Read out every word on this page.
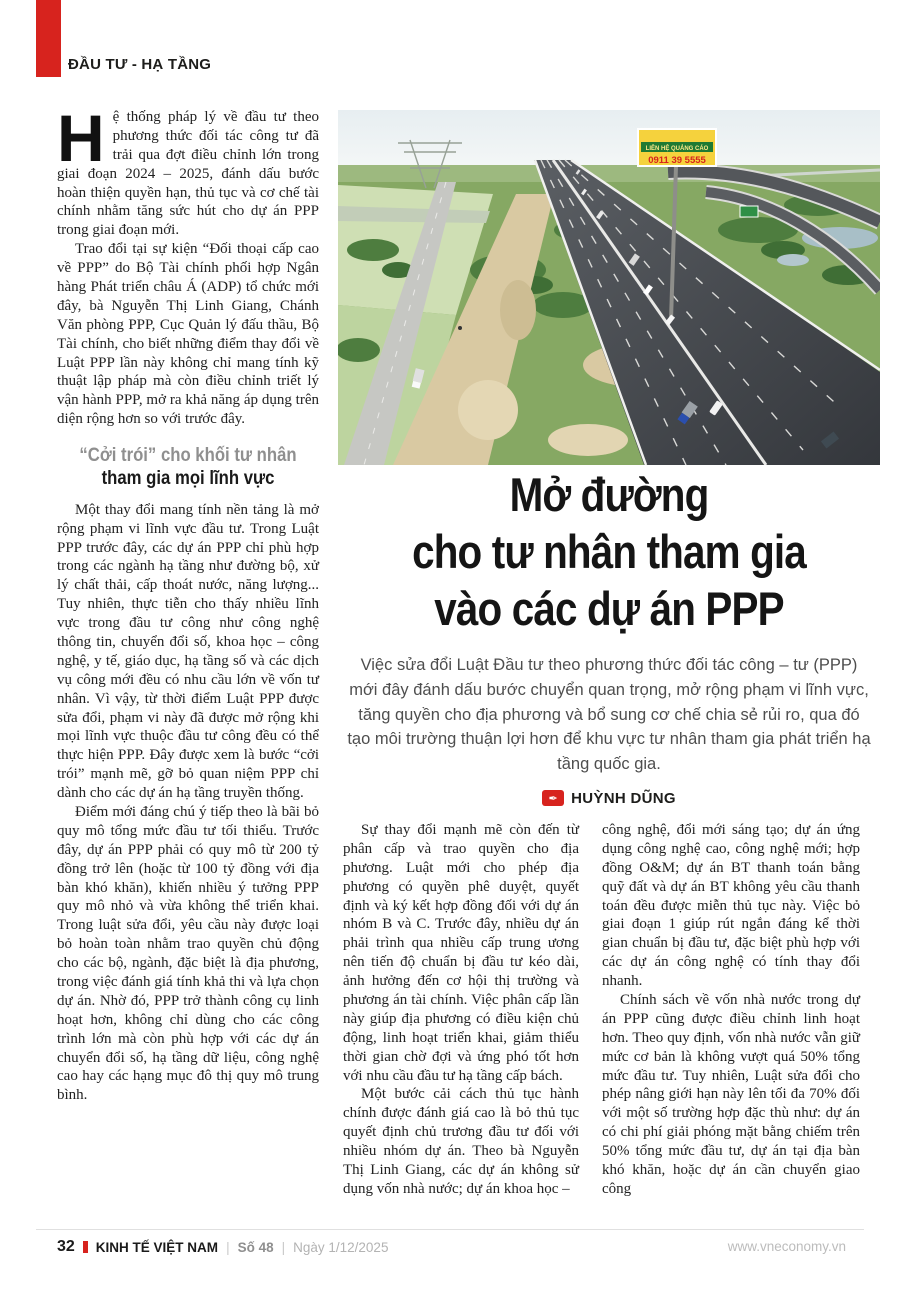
ĐẦU TƯ - HẠ TẦNG

Hệ thống pháp lý về đầu tư theo phương thức đối tác công tư đã trải qua đợt điều chỉnh lớn trong giai đoạn 2024 – 2025, đánh dấu bước hoàn thiện quyền hạn, thủ tục và cơ chế tài chính nhằm tăng sức hút cho dự án PPP trong giai đoạn mới.

Trao đổi tại sự kiện “Đối thoại cấp cao về PPP” do Bộ Tài chính phối hợp Ngân hàng Phát triển châu Á (ADP) tổ chức mới đây, bà Nguyễn Thị Linh Giang, Chánh Văn phòng PPP, Cục Quản lý đấu thầu, Bộ Tài chính, cho biết những điểm thay đổi về Luật PPP lần này không chỉ mang tính kỹ thuật lập pháp mà còn điều chỉnh triết lý vận hành PPP, mở ra khả năng áp dụng trên diện rộng hơn so với trước đây.

“Cởi trói” cho khối tư nhân
tham gia mọi lĩnh vực

Một thay đổi mang tính nền tảng là mở rộng phạm vi lĩnh vực đầu tư. Trong Luật PPP trước đây, các dự án PPP chỉ phù hợp trong các ngành hạ tầng như đường bộ, xử lý chất thải, cấp thoát nước, năng lượng... Tuy nhiên, thực tiễn cho thấy nhiều lĩnh vực trong đầu tư công như công nghệ thông tin, chuyển đổi số, khoa học – công nghệ, y tế, giáo dục, hạ tầng số và các dịch vụ công mới đều có nhu cầu lớn về vốn tư nhân. Vì vậy, từ thời điểm Luật PPP được sửa đổi, phạm vi này đã được mở rộng khi mọi lĩnh vực thuộc đầu tư công đều có thể thực hiện PPP. Đây được xem là bước “cởi trói” mạnh mẽ, gỡ bỏ quan niệm PPP chỉ dành cho các dự án hạ tầng truyền thống.

Điểm mới đáng chú ý tiếp theo là bãi bỏ quy mô tổng mức đầu tư tối thiểu. Trước đây, dự án PPP phải có quy mô từ 200 tỷ đồng trở lên (hoặc từ 100 tỷ đồng với địa bàn khó khăn), khiến nhiều ý tưởng PPP quy mô nhỏ và vừa không thể triển khai. Trong luật sửa đổi, yêu cầu này được loại bỏ hoàn toàn nhằm trao quyền chủ động cho các bộ, ngành, đặc biệt là địa phương, trong việc đánh giá tính khả thi và lựa chọn dự án. Nhờ đó, PPP trở thành công cụ linh hoạt hơn, không chỉ dùng cho các công trình lớn mà còn phù hợp với các dự án chuyển đổi số, hạ tầng dữ liệu, công nghệ cao hay các hạng mục đô thị quy mô trung bình.

LIÊN HỆ QUẢNG CÁO
0911 39 5555
Mở đường
cho tư nhân tham gia
vào các dự án PPP
Việc sửa đổi Luật Đầu tư theo phương thức đối tác công – tư (PPP) mới đây đánh dấu bước chuyển quan trọng, mở rộng phạm vi lĩnh vực, tăng quyền cho địa phương và bổ sung cơ chế chia sẻ rủi ro, qua đó tạo môi trường thuận lợi hơn để khu vực tư nhân tham gia phát triển hạ tầng quốc gia.
✒ HUỲNH DŨNG

Sự thay đổi mạnh mẽ còn đến từ phân cấp và trao quyền cho địa phương. Luật mới cho phép địa phương có quyền phê duyệt, quyết định và ký kết hợp đồng đối với dự án nhóm B và C. Trước đây, nhiều dự án phải trình qua nhiều cấp trung ương nên tiến độ chuẩn bị đầu tư kéo dài, ảnh hưởng đến cơ hội thị trường và phương án tài chính. Việc phân cấp lần này giúp địa phương có điều kiện chủ động, linh hoạt triển khai, giảm thiểu thời gian chờ đợi và ứng phó tốt hơn với nhu cầu đầu tư hạ tầng cấp bách.

Một bước cải cách thủ tục hành chính được đánh giá cao là bỏ thủ tục quyết định chủ trương đầu tư đối với nhiều nhóm dự án. Theo bà Nguyễn Thị Linh Giang, các dự án không sử dụng vốn nhà nước; dự án khoa học –

công nghệ, đổi mới sáng tạo; dự án ứng dụng công nghệ cao, công nghệ mới; hợp đồng O&M; dự án BT thanh toán bằng quỹ đất và dự án BT không yêu cầu thanh toán đều được miễn thủ tục này. Việc bỏ giai đoạn 1 giúp rút ngắn đáng kể thời gian chuẩn bị đầu tư, đặc biệt phù hợp với các dự án công nghệ có tính thay đổi nhanh.

Chính sách về vốn nhà nước trong dự án PPP cũng được điều chỉnh linh hoạt hơn. Theo quy định, vốn nhà nước vẫn giữ mức cơ bản là không vượt quá 50% tổng mức đầu tư. Tuy nhiên, Luật sửa đổi cho phép nâng giới hạn này lên tối đa 70% đối với một số trường hợp đặc thù như: dự án có chi phí giải phóng mặt bằng chiếm trên 50% tổng mức đầu tư, dự án tại địa bàn khó khăn, hoặc dự án cần chuyển giao công

32 KINH TẾ VIỆT NAM | Số 48 | Ngày 1/12/2025	www.vneconomy.vn
